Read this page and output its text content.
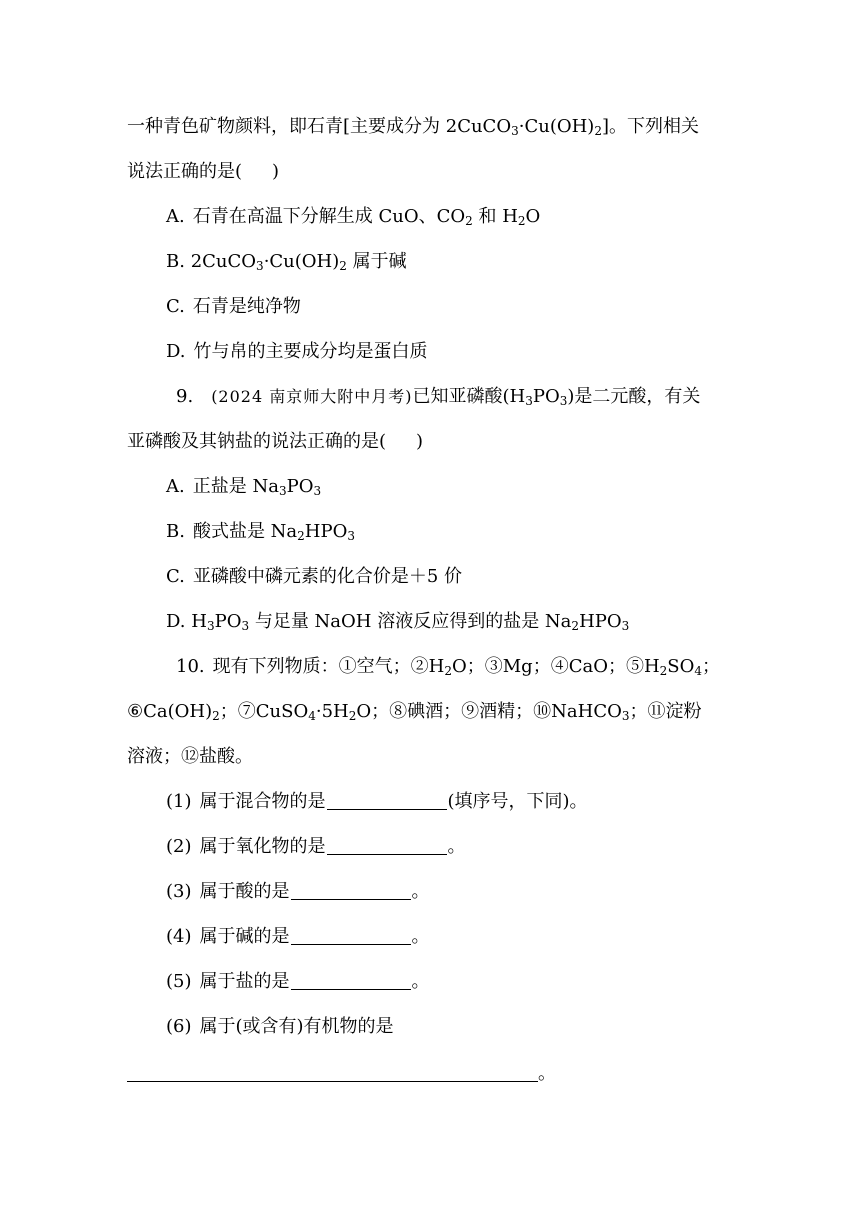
一种青色矿物颜料，即石青[主要成分为 $2CuCO_3\cdot Cu(OH)_2$]。下列相关
说法正确的是( )
A. 石青在高温下分解生成 CuO、$CO_2$ 和 $H_2O$
B. $2CuCO_3\cdot Cu(OH)_2$ 属于碱
C. 石青是纯净物
D. 竹与帛的主要成分均是蛋白质
9. (2024 南京师大附中月考)已知亚磷酸$(H_3PO_3)$是二元酸，有关
亚磷酸及其钠盐的说法正确的是( )
A. 正盐是 $Na_3PO_3$
B. 酸式盐是 $Na_2HPO_3$
C. 亚磷酸中磷元素的化合价是＋5 价
D. $H_3PO_3$ 与足量 NaOH 溶液反应得到的盐是 $Na_2HPO_3$
10. 现有下列物质：①空气；$②H_2O$；③Mg；④CaO；$⑤H_2SO_4$；
$⑥Ca(OH)_2$；$⑦CuSO_4\cdot 5H_2O$；⑧碘酒；⑨酒精；⑩NaHCO$_3$；⑪淀粉
溶液；⑫盐酸。
(1) 属于混合物的是	(填序号，下同)。
(2) 属于氧化物的是	。
(3) 属于酸的是	。
(4) 属于碱的是	。
(5) 属于盐的是	。
(6) 属于(或含有)有机物的是
。
